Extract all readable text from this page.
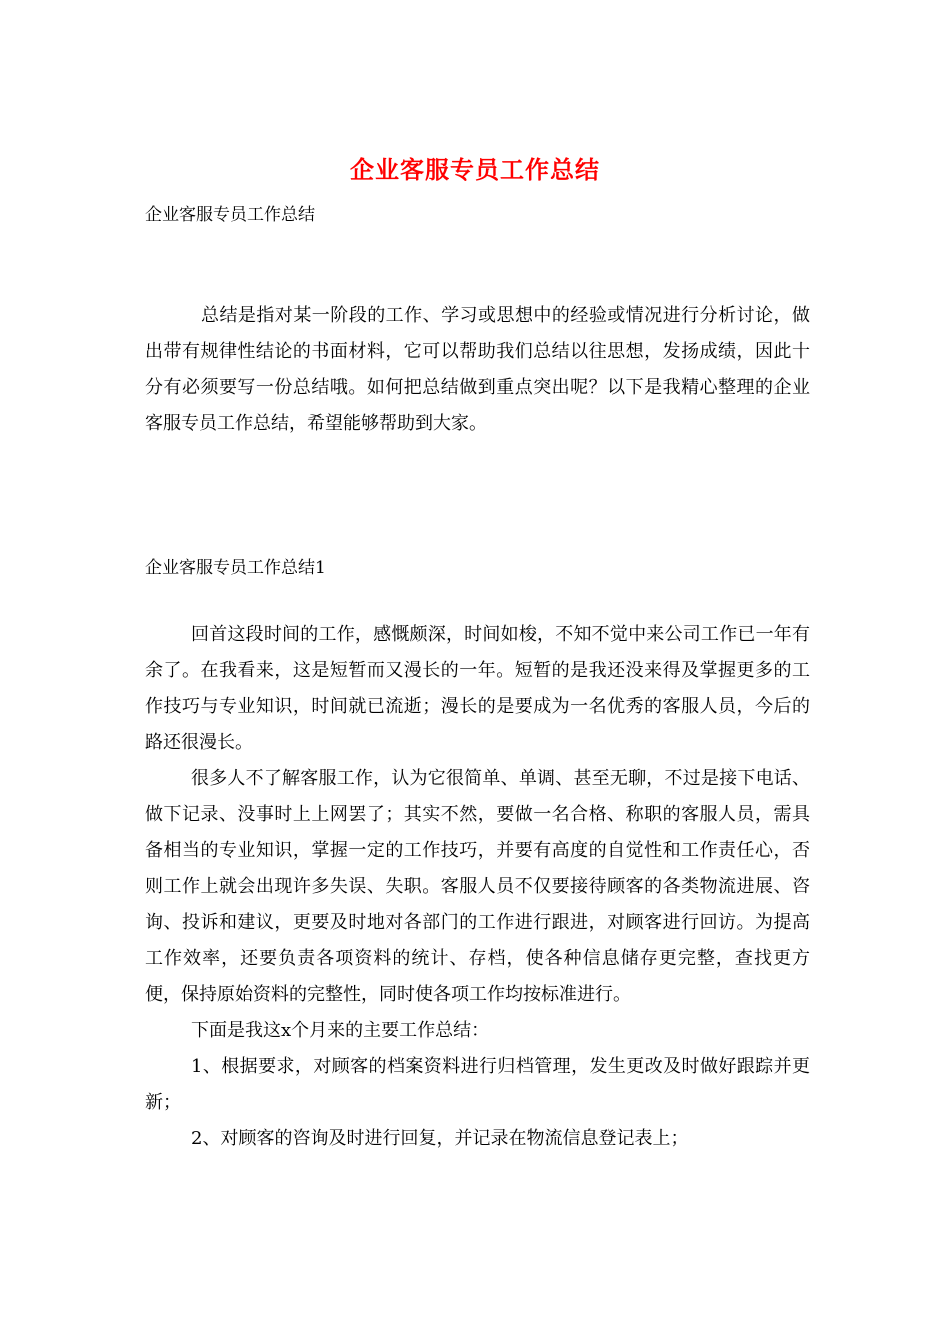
企业客服专员工作总结

企业客服专员工作总结

总结是指对某一阶段的工作、学习或思想中的经验或情况进行分析讨论，做出带有规律性结论的书面材料，它可以帮助我们总结以往思想，发扬成绩，因此十分有必须要写一份总结哦。如何把总结做到重点突出呢？以下是我精心整理的企业客服专员工作总结，希望能够帮助到大家。

企业客服专员工作总结1

回首这段时间的工作，感慨颇深，时间如梭，不知不觉中来公司工作已一年有余了。在我看来，这是短暂而又漫长的一年。短暂的是我还没来得及掌握更多的工作技巧与专业知识，时间就已流逝；漫长的是要成为一名优秀的客服人员，今后的路还很漫长。

很多人不了解客服工作，认为它很简单、单调、甚至无聊，不过是接下电话、做下记录、没事时上上网罢了；其实不然，要做一名合格、称职的客服人员，需具备相当的专业知识，掌握一定的工作技巧，并要有高度的自觉性和工作责任心，否则工作上就会出现许多失误、失职。客服人员不仅要接待顾客的各类物流进展、咨询、投诉和建议，更要及时地对各部门的工作进行跟进，对顾客进行回访。为提高工作效率，还要负责各项资料的统计、存档，使各种信息储存更完整，查找更方便，保持原始资料的完整性，同时使各项工作均按标准进行。

下面是我这x个月来的主要工作总结：

1、根据要求，对顾客的档案资料进行归档管理，发生更改及时做好跟踪并更新；

2、对顾客的咨询及时进行回复，并记录在物流信息登记表上；
